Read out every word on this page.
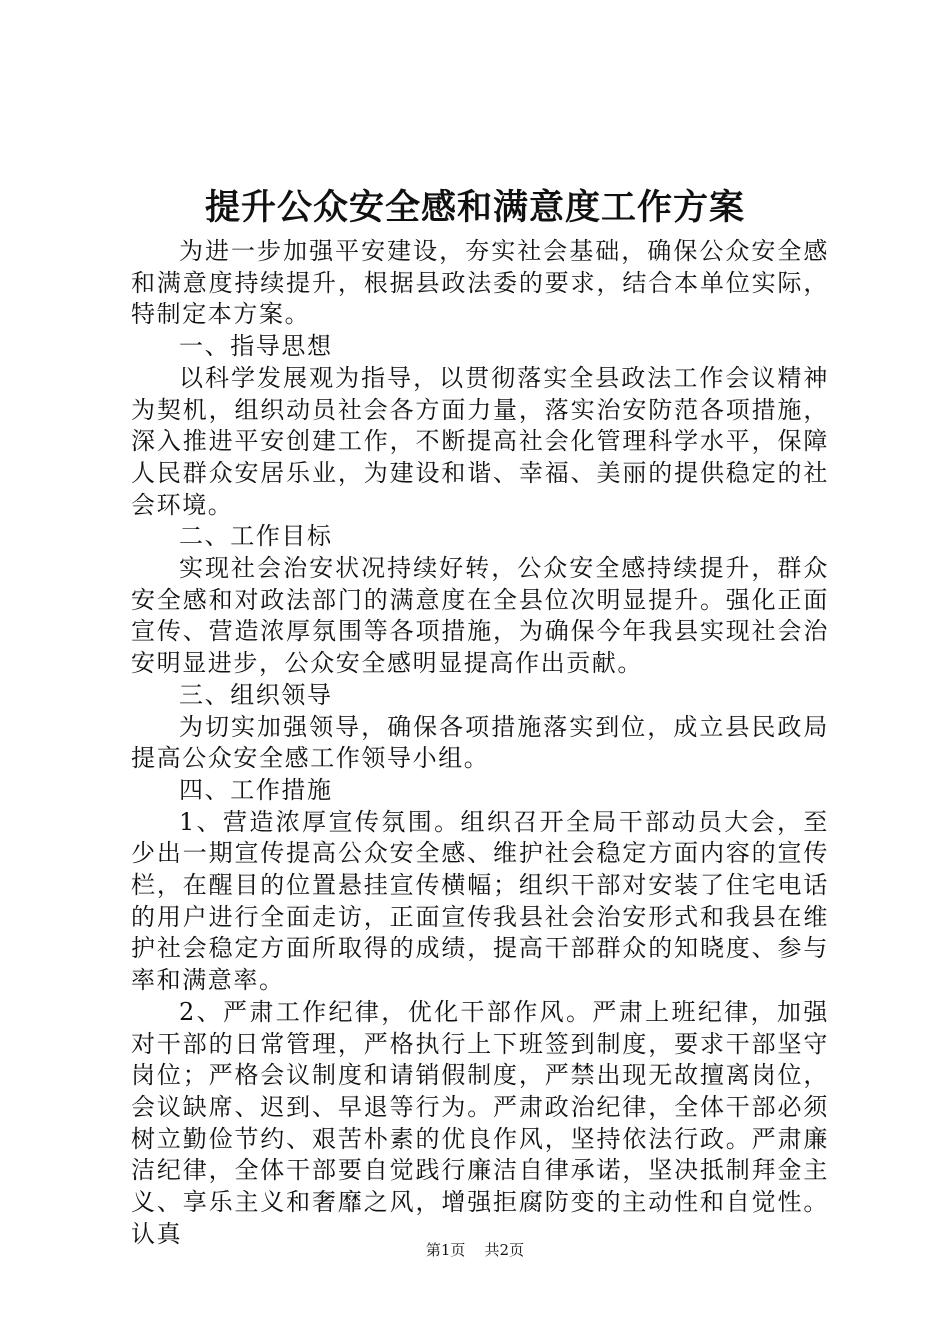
提升公众安全感和满意度工作方案

为进一步加强平安建设，夯实社会基础，确保公众安全感和满意度持续提升，根据县政法委的要求，结合本单位实际，特制定本方案。

一、指导思想

以科学发展观为指导，以贯彻落实全县政法工作会议精神为契机，组织动员社会各方面力量，落实治安防范各项措施，深入推进平安创建工作，不断提高社会化管理科学水平，保障人民群众安居乐业，为建设和谐、幸福、美丽的提供稳定的社会环境。

二、工作目标

实现社会治安状况持续好转，公众安全感持续提升，群众安全感和对政法部门的满意度在全县位次明显提升。强化正面宣传、营造浓厚氛围等各项措施，为确保今年我县实现社会治安明显进步，公众安全感明显提高作出贡献。

三、组织领导

为切实加强领导，确保各项措施落实到位，成立县民政局提高公众安全感工作领导小组。

四、工作措施

1、营造浓厚宣传氛围。组织召开全局干部动员大会，至少出一期宣传提高公众安全感、维护社会稳定方面内容的宣传栏，在醒目的位置悬挂宣传横幅；组织干部对安装了住宅电话的用户进行全面走访，正面宣传我县社会治安形式和我县在维护社会稳定方面所取得的成绩，提高干部群众的知晓度、参与率和满意率。

2、严肃工作纪律，优化干部作风。严肃上班纪律，加强对干部的日常管理，严格执行上下班签到制度，要求干部坚守岗位；严格会议制度和请销假制度，严禁出现无故擅离岗位，会议缺席、迟到、早退等行为。严肃政治纪律，全体干部必须树立勤俭节约、艰苦朴素的优良作风，坚持依法行政。严肃廉洁纪律，全体干部要自觉践行廉洁自律承诺，坚决抵制拜金主义、享乐主义和奢靡之风，增强拒腐防变的主动性和自觉性。认真

第1页 共2页
